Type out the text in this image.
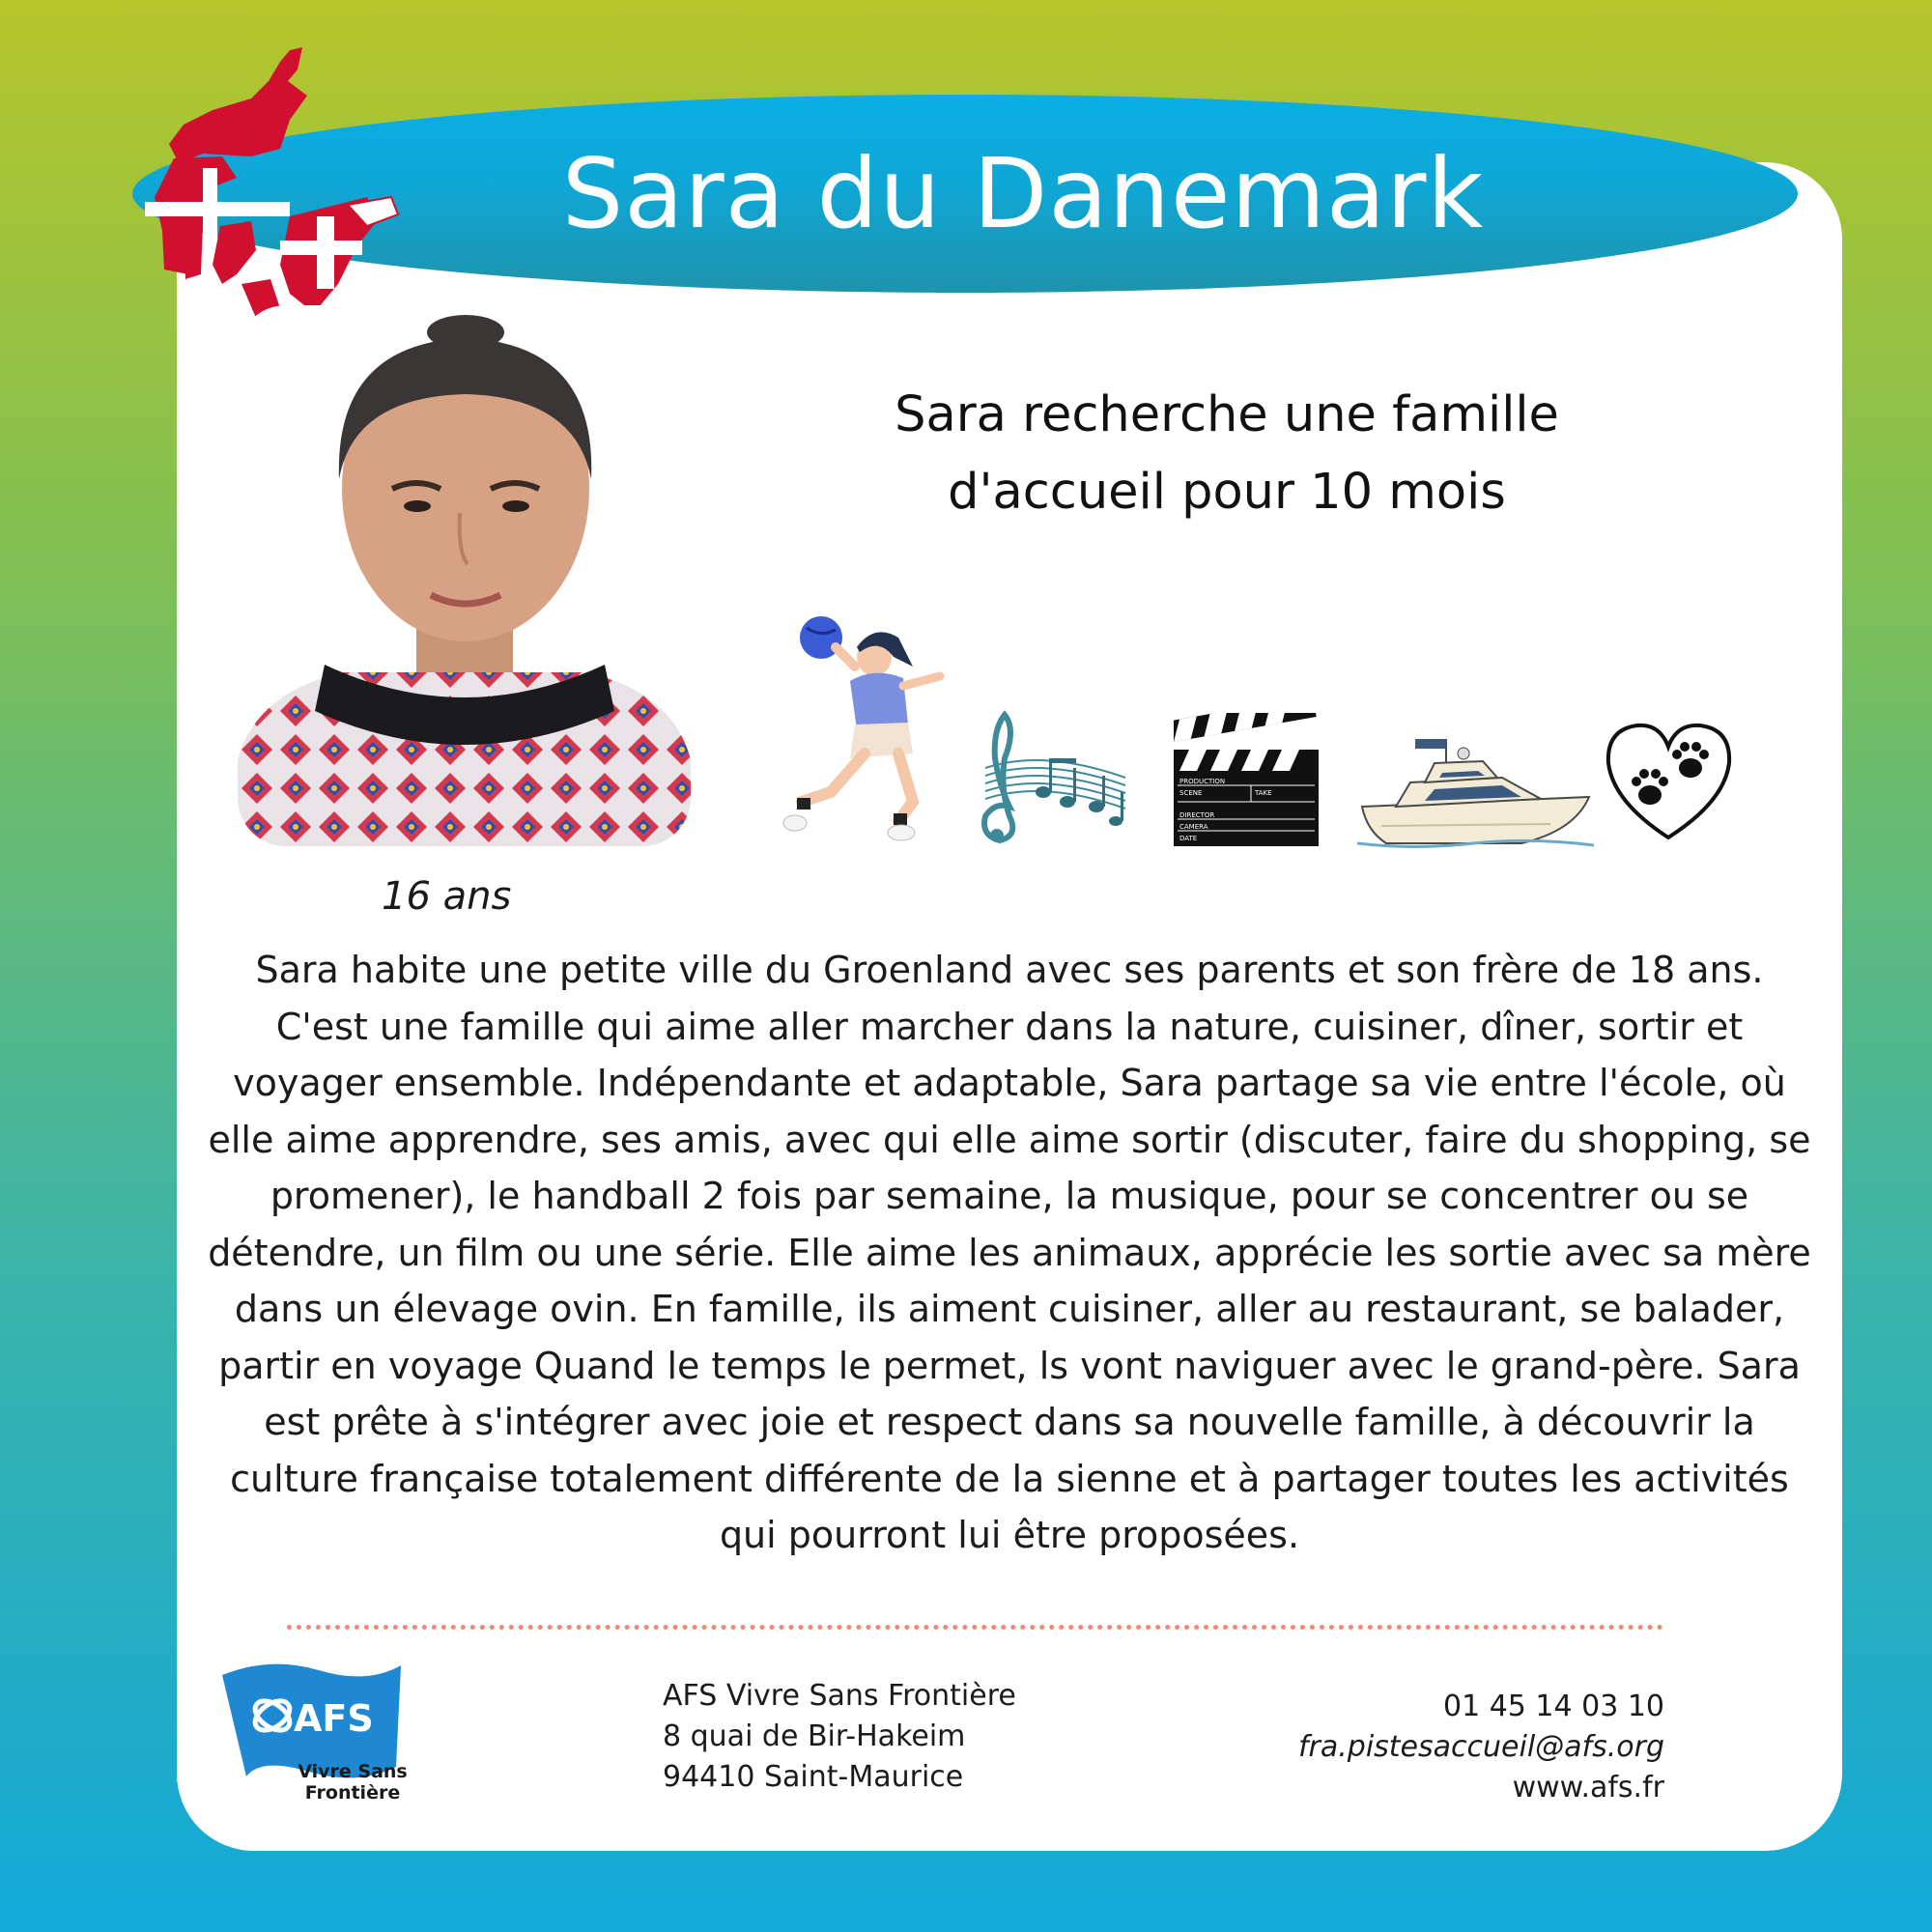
Sara du Danemark
16 ans
Sara recherche une famille
d'accueil pour 10 mois
PRODUCTION
SCENE	TAKE
DIRECTOR
CAMERA
DATE
Sara habite une petite ville du Groenland avec ses parents et son frère de 18 ans. C'est une famille qui aime aller marcher dans la nature, cuisiner, dîner, sortir et voyager ensemble. Indépendante et adaptable, Sara partage sa vie entre l'école, où elle aime apprendre, ses amis, avec qui elle aime sortir (discuter, faire du shopping, se promener), le handball 2 fois par semaine, la musique, pour se concentrer ou se détendre, un film ou une série. Elle aime les animaux, apprécie les sortie avec sa mère dans un élevage ovin. En famille, ils aiment cuisiner, aller au restaurant, se balader, partir en voyage Quand le temps le permet, ls vont naviguer avec le grand-père. Sara est prête à s'intégrer avec joie et respect dans sa nouvelle famille, à découvrir la culture française totalement différente de la sienne et à partager toutes les activités qui pourront lui être proposées.
AFS
Vivre Sans Frontière
AFS Vivre Sans Frontière
8 quai de Bir-Hakeim
94410 Saint-Maurice
01 45 14 03 10
fra.pistesaccueil@afs.org
www.afs.fr
